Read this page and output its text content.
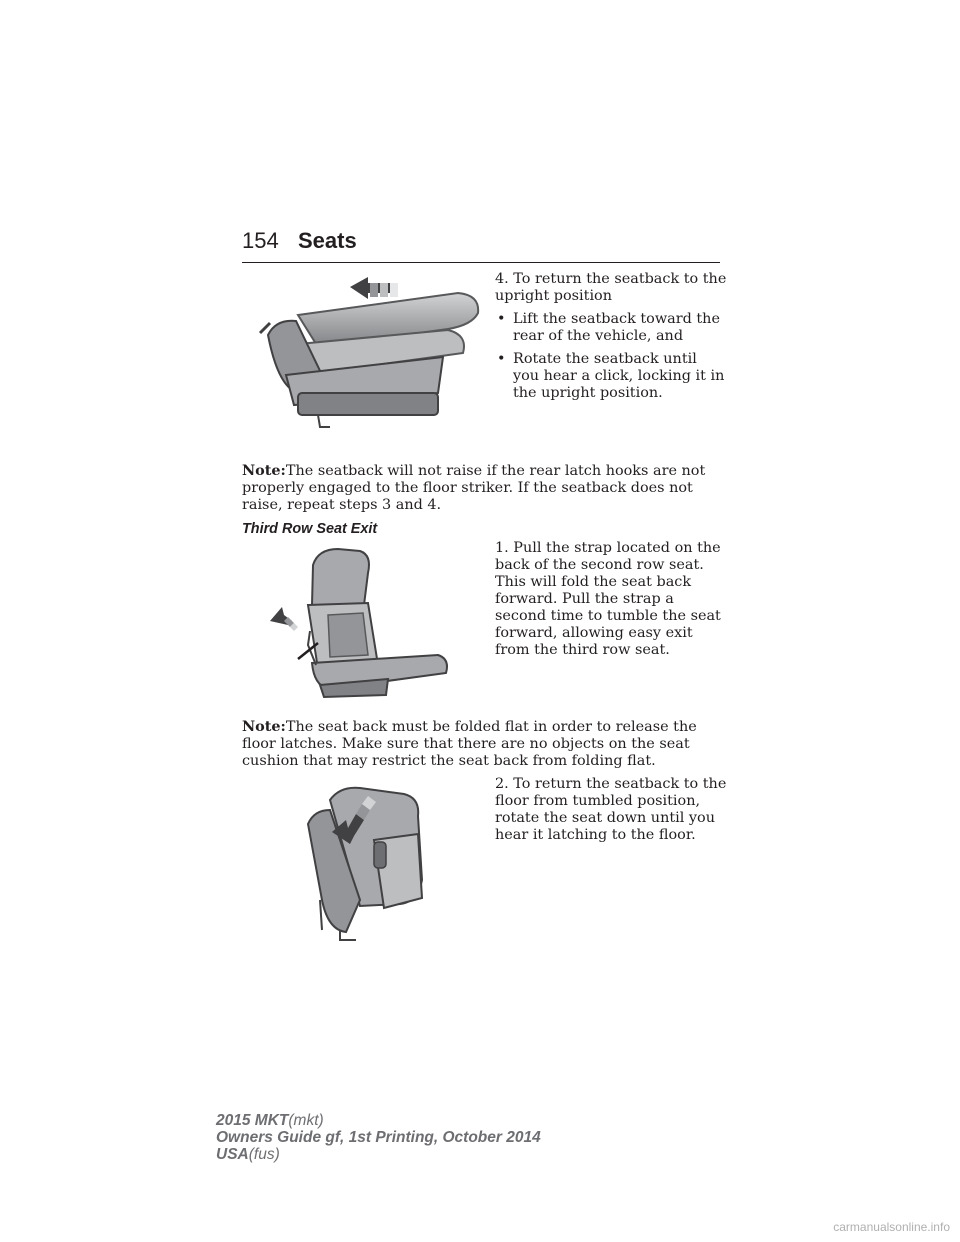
154 Seats
4. To return the seatback to the upright position
• Lift the seatback toward the rear of the vehicle, and
• Rotate the seatback until you hear a click, locking it in the upright position.
Note:The seatback will not raise if the rear latch hooks are not properly engaged to the floor striker. If the seatback does not raise, repeat steps 3 and 4.
Third Row Seat Exit
1. Pull the strap located on the back of the second row seat. This will fold the seat back forward. Pull the strap a second time to tumble the seat forward, allowing easy exit from the third row seat.
Note:The seat back must be folded flat in order to release the floor latches. Make sure that there are no objects on the seat cushion that may restrict the seat back from folding flat.
2. To return the seatback to the floor from tumbled position, rotate the seat down until you hear it latching to the floor.
2015 MKT(mkt)
Owners Guide gf, 1st Printing, October 2014
USA(fus)
carmanualsonline.info
